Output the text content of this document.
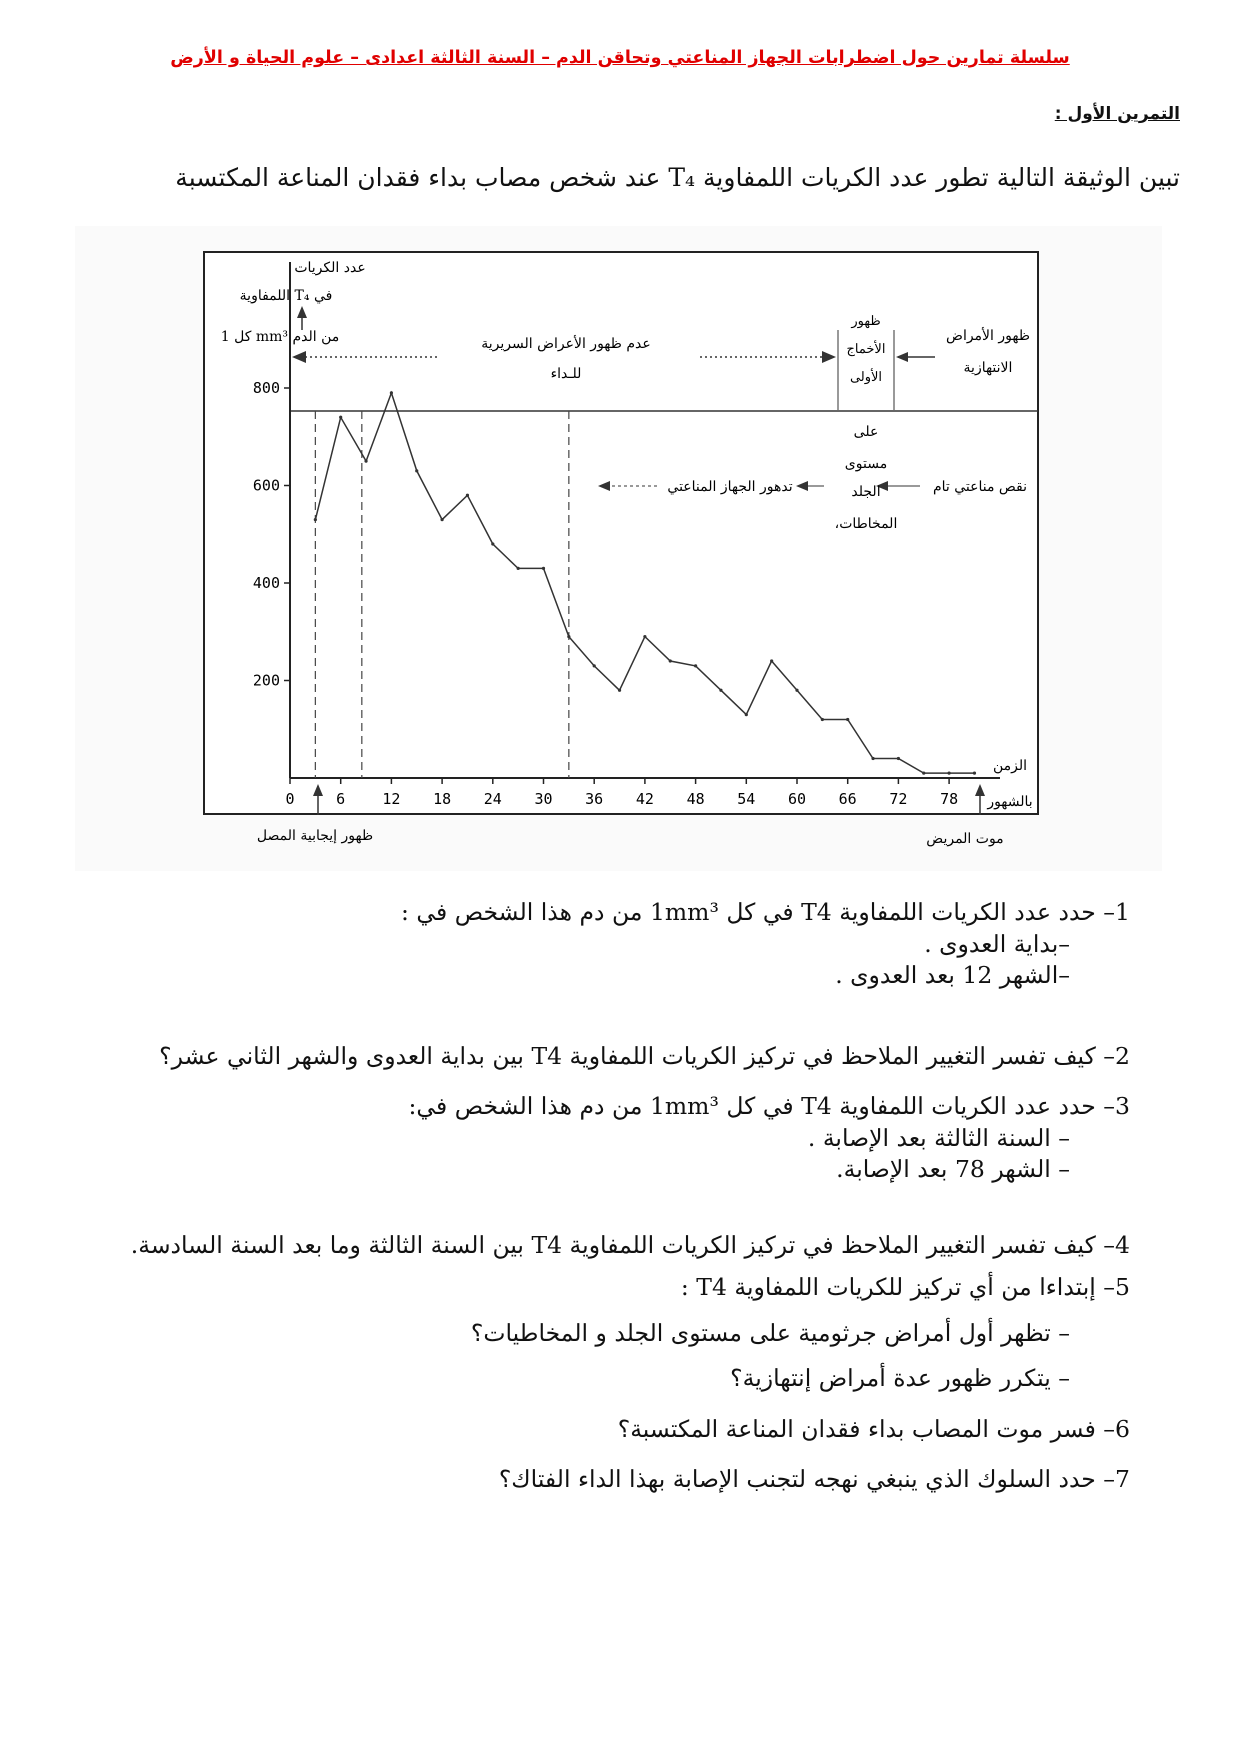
سلسلة تمارين حول اضطرابات الجهاز المناعتي وتحاقن الدم – السنة الثالثة اعدادى – علوم الحياة و الأرض
التمرين الأول :
تبين الوثيقة التالية تطور عدد الكريات اللمفاوية T₄ عند شخص مصاب بداء فقدان المناعة المكتسبة
200
400
600
800
0	6 12 18 24 30 36 42 48 54 60 66 72 78
عدد الكريات
اللمفاوية T₄ في
كل 1 mm³ من الدم	عدم ظهور الأعراض السريرية
للـداء
ظهور
الأخماج
الأولى
ظهور الأمراض
الانتهازية
على
مستوى
الجلد
،المخاطات
تدهور الجهاز المناعتي	نقص مناعتي تام
الزمن
بالشهور
ظهور إيجابية المصل	موت المريض
1– حدد عدد الكريات اللمفاوية T4 في كل 1mm³ من دم هذا الشخص في :
–بداية العدوى .
–الشهر 12 بعد العدوى .
2– كيف تفسر التغيير الملاحظ في تركيز الكريات اللمفاوية T4 بين بداية العدوى والشهر الثاني عشر؟
3– حدد عدد الكريات اللمفاوية T4 في كل 1mm³ من دم هذا الشخص في:
– السنة الثالثة بعد الإصابة .
– الشهر 78 بعد الإصابة.
4– كيف تفسر التغيير الملاحظ في تركيز الكريات اللمفاوية T4 بين السنة الثالثة وما بعد السنة السادسة.
5– إبتداءا من أي تركيز للكريات اللمفاوية T4 :
– تظهر أول أمراض جرثومية على مستوى الجلد و المخاطيات؟
– يتكرر ظهور عدة أمراض إنتهازية؟
6– فسر موت المصاب بداء فقدان المناعة المكتسبة؟
7– حدد السلوك الذي ينبغي نهجه لتجنب الإصابة بهذا الداء الفتاك؟
